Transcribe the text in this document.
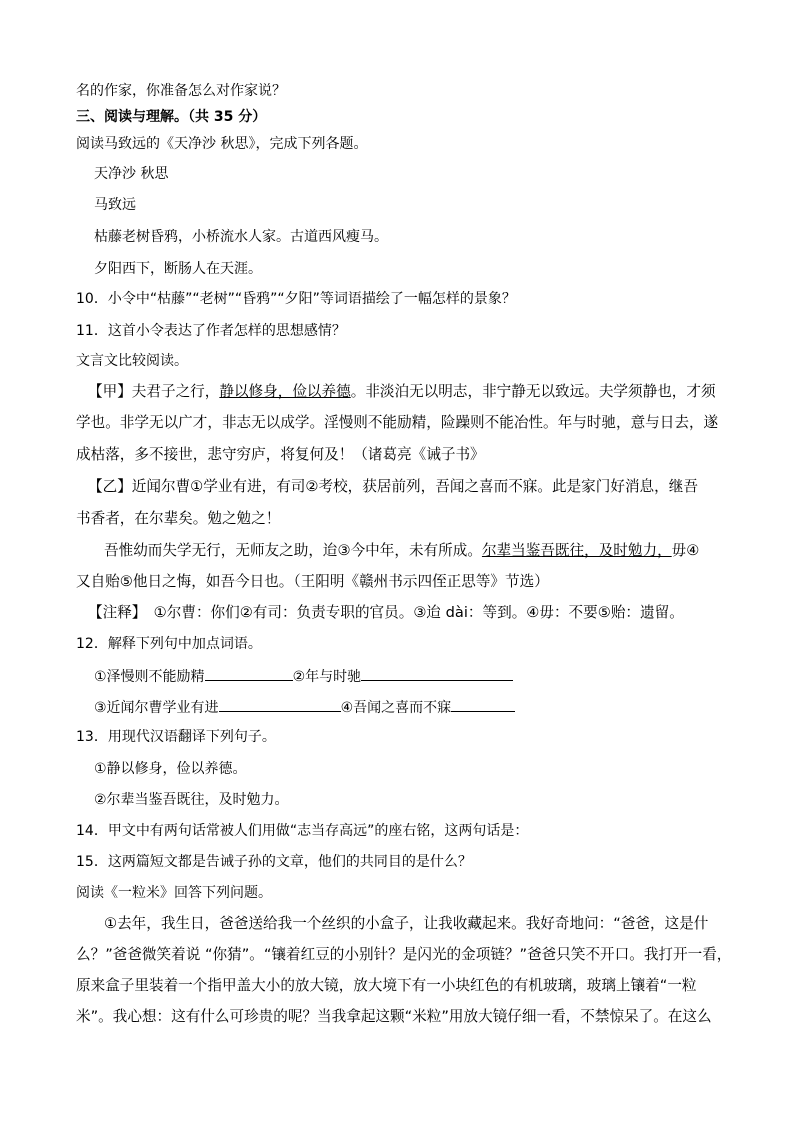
名的作家，你准备怎么对作家说？
三、阅读与理解。（共 35 分）
阅读马致远的《天净沙 秋思》，完成下列各题。
天净沙 秋思
马致远
枯藤老树昏鸦，小桥流水人家。古道西风瘦马。
夕阳西下，断肠人在天涯。
10．小令中“枯藤”“老树”“昏鸦”“夕阳”等词语描绘了一幅怎样的景象？
11．这首小令表达了作者怎样的思想感情？
文言文比较阅读。
【甲】夫君子之行，静以修身，俭以养德。非淡泊无以明志，非宁静无以致远。夫学须静也，才须
学也。非学无以广才，非志无以成学。淫慢则不能励精，险躁则不能冶性。年与时驰，意与日去，遂
成枯落，多不接世，悲守穷庐，将复何及！（诸葛亮《诫子书》
【乙】近闻尔曹①学业有进，有司②考校，获居前列，吾闻之喜而不寐。此是家门好消息，继吾
书香者，在尔辈矣。勉之勉之！
吾惟幼而失学无行，无师友之助，迨③今中年，未有所成。尔辈当鉴吾既往，及时勉力，毋④
又自贻⑤他日之悔，如吾今日也。（王阳明《赣州书示四侄正思等》节选）
【注释】　①尔曹：你们②有司：负责专职的官员。③迨 dài：等到。④毋：不要⑤贻：遗留。
12．解释下列句中加点词语。
①泽慢则不能励精	②年与时驰
③近闻尔曹学业有进	④吾闻之喜而不寐
13．用现代汉语翻译下列句子。
①静以修身，俭以养德。
②尔辈当鉴吾既往，及时勉力。
14．甲文中有两句话常被人们用做“志当存高远”的座右铭，这两句话是：
15．这两篇短文都是告诫子孙的文章，他们的共同目的是什么？
阅读《一粒米》回答下列问题。
①去年，我生日，爸爸送给我一个丝织的小盒子，让我收藏起来。我好奇地问：“爸爸，这是什
么？”爸爸微笑着说 “你猜”。“镶着红豆的小别针？是闪光的金项链？”爸爸只笑不开口。我打开一看，
原来盒子里装着一个指甲盖大小的放大镜，放大境下有一小块红色的有机玻璃，玻璃上镶着“一粒
米”。我心想：这有什么可珍贵的呢？当我拿起这颗“米粒”用放大镜仔细一看，不禁惊呆了。在这么
